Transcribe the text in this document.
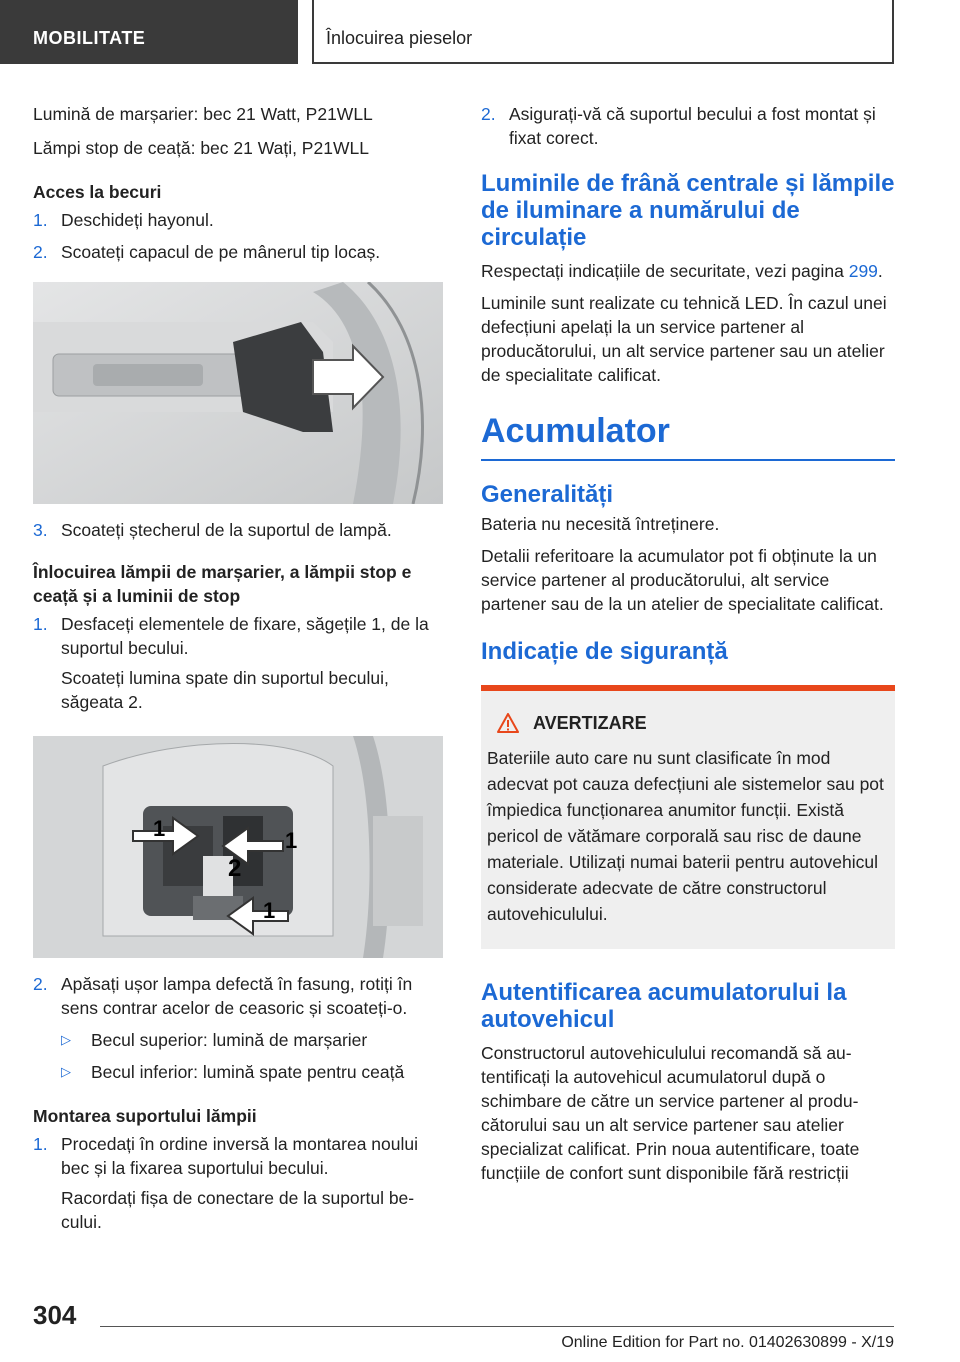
MOBILITATE	Înlocuirea pieselor

Lumină de marșarier: bec 21 Watt, P21WLL

Lămpi stop de ceață: bec 21 Wați, P21WLL

Acces la becuri
1. Deschideți hayonul.
2. Scoateți capacul de pe mânerul tip locaș.
3. Scoateți ștecherul de la suportul de lampă.
Înlocuirea lămpii de marșarier, a lămpii stop e ceață și a luminii de stop
1. Desfaceți elementele de fixare, săgețile 1, de la suportul becului.

Scoateți lumina spate din suportul becului, săgeata 2.

1	1
2
1
2. Apăsați ușor lampa defectă în fasung, rotiți în sens contrar acelor de ceasoric și scoateți-o.
▷ Becul superior: lumină de marșarier
▷ Becul inferior: lumină spate pentru ceață
Montarea suportului lămpii
1. Procedați în ordine inversă la montarea noului bec și la fixarea suportului becului.

Racordați fișa de conectare de la suportul becului.

2. Asigurați-vă că suportul becului a fost montat și fixat corect.
Luminile de frână centrale și lămpile de iluminare a numărului de circulație

Respectați indicațiile de securitate, vezi pagina 299.

Luminile sunt realizate cu tehnică LED. În cazul unei defecțiuni apelați la un service partener al producătorului, un alt service partener sau un atelier de specialitate calificat.

Acumulator
Generalități

Bateria nu necesită întreținere.

Detalii referitoare la acumulator pot fi obținute la un service partener al producătorului, alt service partener sau de la un atelier de specialitate calificat.

Indicație de siguranță
AVERTIZARE

Bateriile auto care nu sunt clasificate în mod adecvat pot cauza defecțiuni ale sistemelor sau pot împiedica funcționarea anumitor funcții. Există pericol de vătămare corporală sau risc de daune materiale. Utilizați numai baterii pentru autovehicul considerate adecvate de către constructorul autovehiculului.

Autentificarea acumulatorului la autovehicul

Constructorul autovehiculului recomandă să autentificați la autovehicul acumulatorul după o schimbare de către un service partener al producătorului sau un alt service partener sau atelier specializat calificat. Prin noua autentificare, toate funcțiile de confort sunt disponibile fără restricții

304
Online Edition for Part no. 01402630899 - X/19
